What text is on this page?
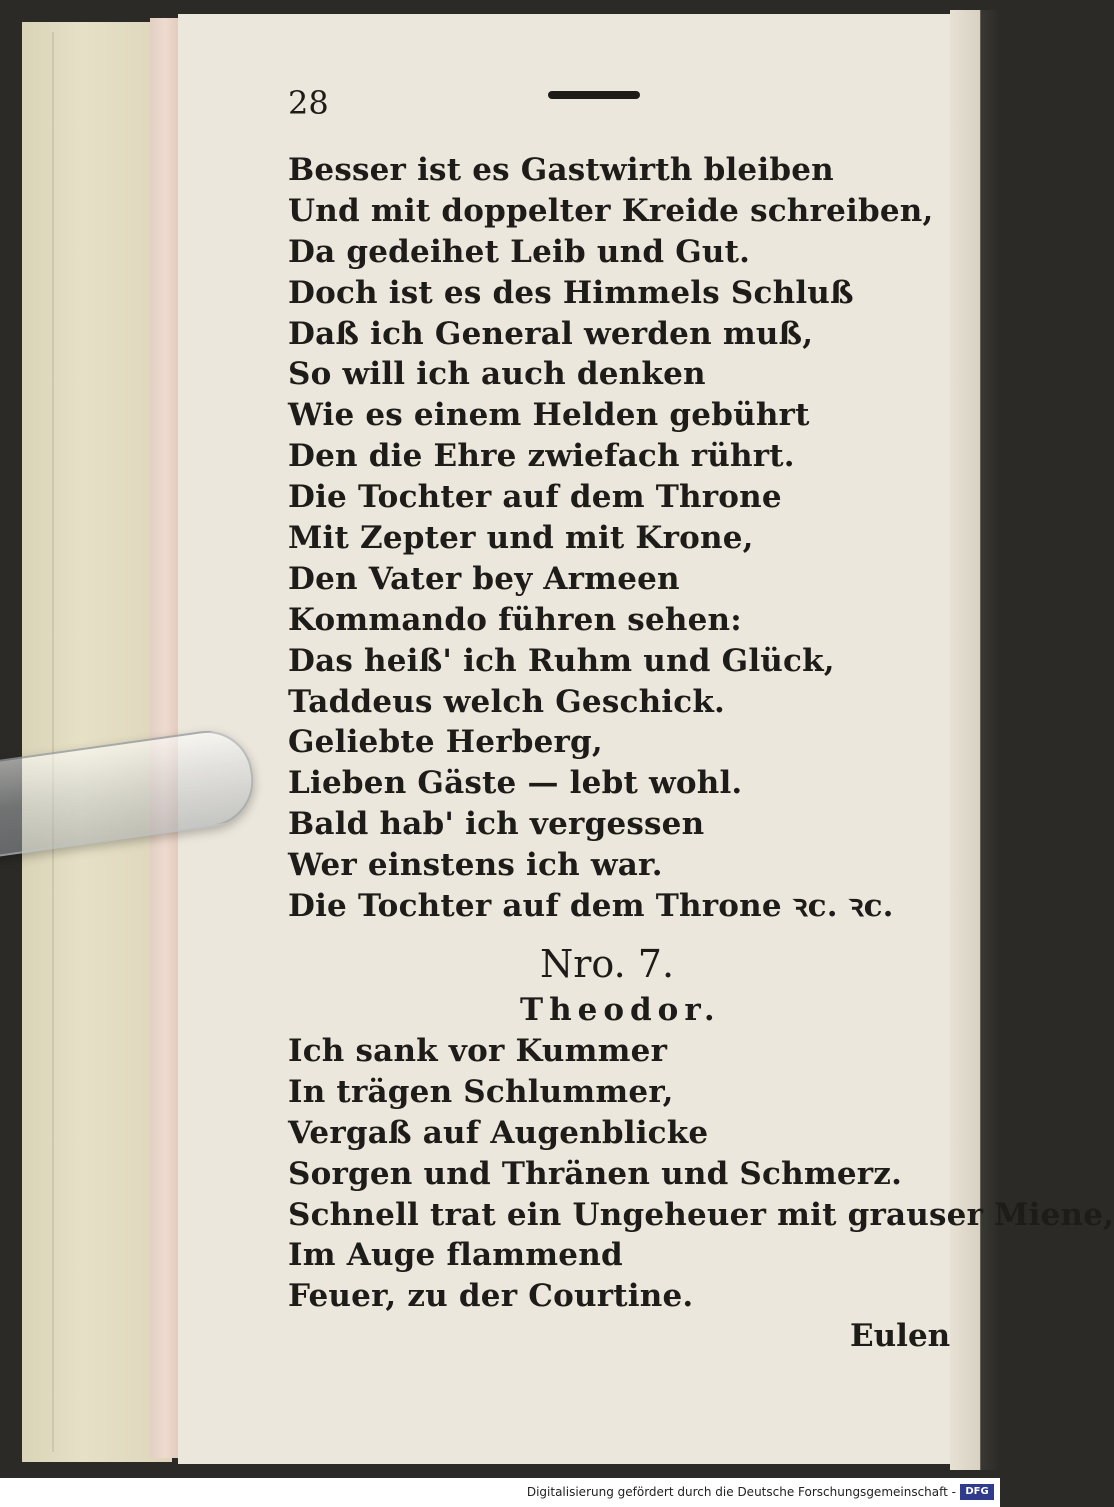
28
Besser ist es Gastwirth bleiben
Und mit doppelter Kreide schreiben,
Da gedeihet Leib und Gut.
Doch ist es des Himmels Schluß
Daß ich General werden muß,
So will ich auch denken
Wie es einem Helden gebührt
Den die Ehre zwiefach rührt.
Die Tochter auf dem Throne
Mit Zepter und mit Krone,
Den Vater bey Armeen
Kommando führen sehen:
Das heiß' ich Ruhm und Glück,
Taddeus welch Geschick.
Geliebte Herberg,
Lieben Gäste — lebt wohl.
Bald hab' ich vergessen
Wer einstens ich war.
Die Tochter auf dem Throne ꝛc. ꝛc.
Nro. 7.
Theodor.
Ich sank vor Kummer
In trägen Schlummer,
Vergaß auf Augenblicke
Sorgen und Thränen und Schmerz.
Schnell trat ein Ungeheuer mit grauser Miene,
Im Auge flammend
Feuer, zu der Courtine.
Eulen
Digitalisierung gefördert durch die Deutsche Forschungsgemeinschaft - DFG
